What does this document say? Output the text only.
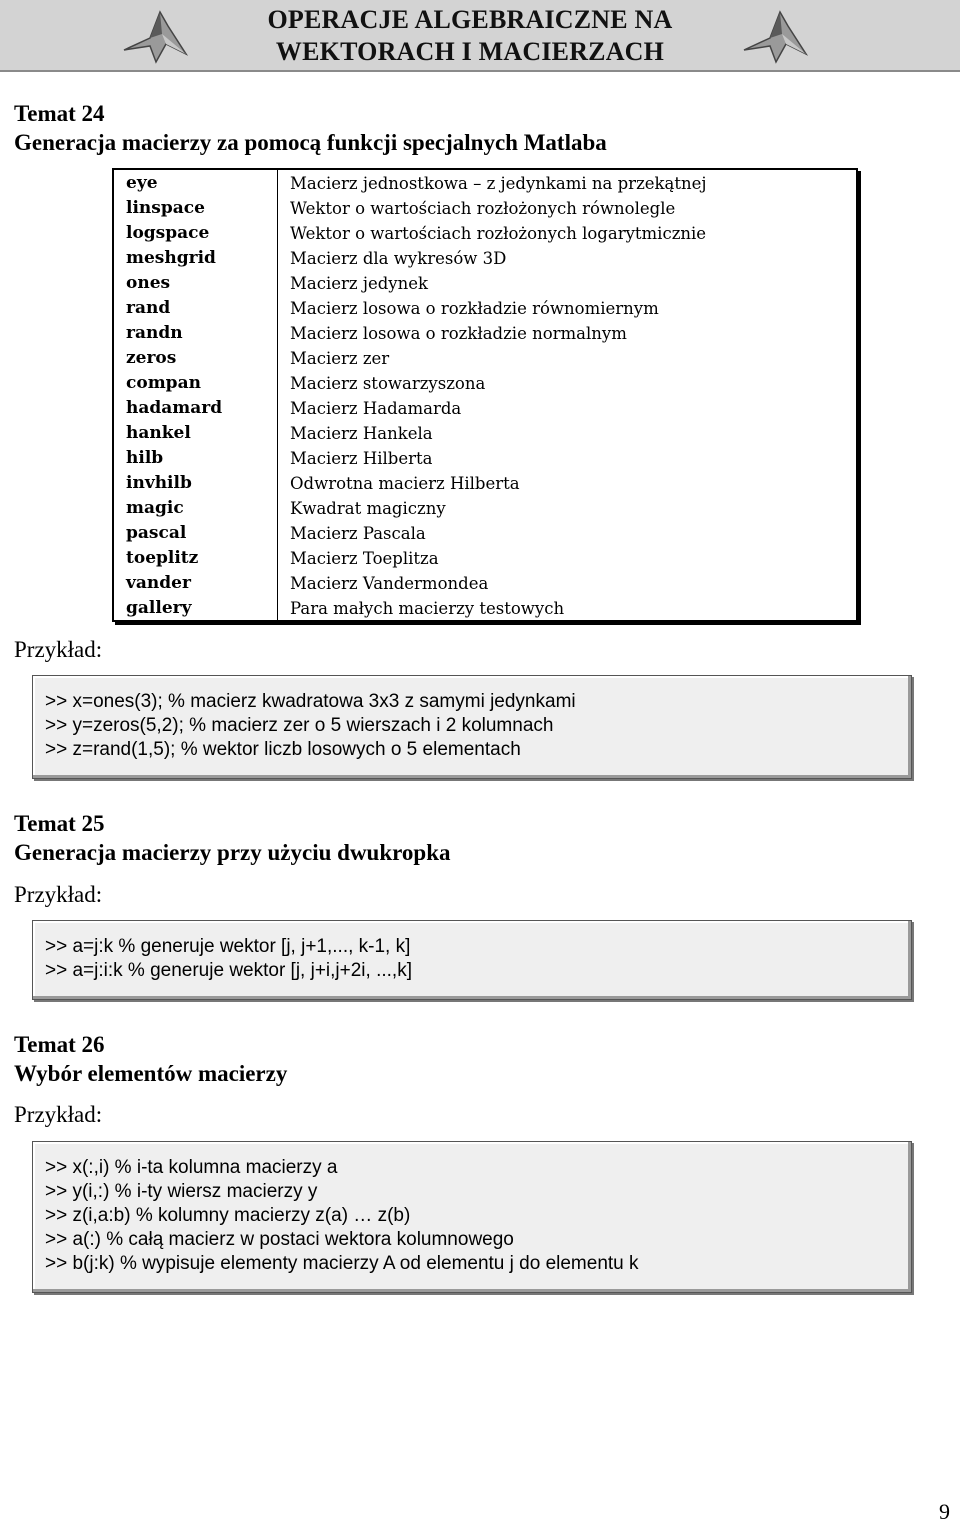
OPERACJE ALGEBRAICZNE NA
WEKTORACH I MACIERZACH
Temat 24
Generacja macierzy za pomocą funkcji specjalnych Matlaba
eye	Macierz jednostkowa – z jedynkami na przekątnej
linspace	Wektor o wartościach rozłożonych równolegle
logspace	Wektor o wartościach rozłożonych logarytmicznie
meshgrid	Macierz dla wykresów 3D
ones	Macierz jedynek
rand	Macierz losowa o rozkładzie równomiernym
randn	Macierz losowa o rozkładzie normalnym
zeros	Macierz zer
compan	Macierz stowarzyszona
hadamard	Macierz Hadamarda
hankel	Macierz Hankela
hilb	Macierz Hilberta
invhilb	Odwrotna macierz Hilberta
magic	Kwadrat magiczny
pascal	Macierz Pascala
toeplitz	Macierz Toeplitza
vander	Macierz Vandermondea
gallery	Para małych macierzy testowych
Przykład:
>> x=ones(3); % macierz kwadratowa 3x3 z samymi jedynkami
>> y=zeros(5,2); % macierz zer o 5 wierszach i 2 kolumnach
>> z=rand(1,5); % wektor liczb losowych o 5 elementach
Temat 25
Generacja macierzy przy użyciu dwukropka
Przykład:
>> a=j:k % generuje wektor [j, j+1,..., k-1, k]
>> a=j:i:k % generuje wektor [j, j+i,j+2i, ...,k]
Temat 26
Wybór elementów macierzy
Przykład:
>> x(:,i) % i-ta kolumna macierzy a
>> y(i,:) % i-ty wiersz macierzy y
>> z(i,a:b) % kolumny macierzy z(a) … z(b)
>> a(:) % całą macierz w postaci wektora kolumnowego
>> b(j:k) % wypisuje elementy macierzy A od elementu j do elementu k
9
